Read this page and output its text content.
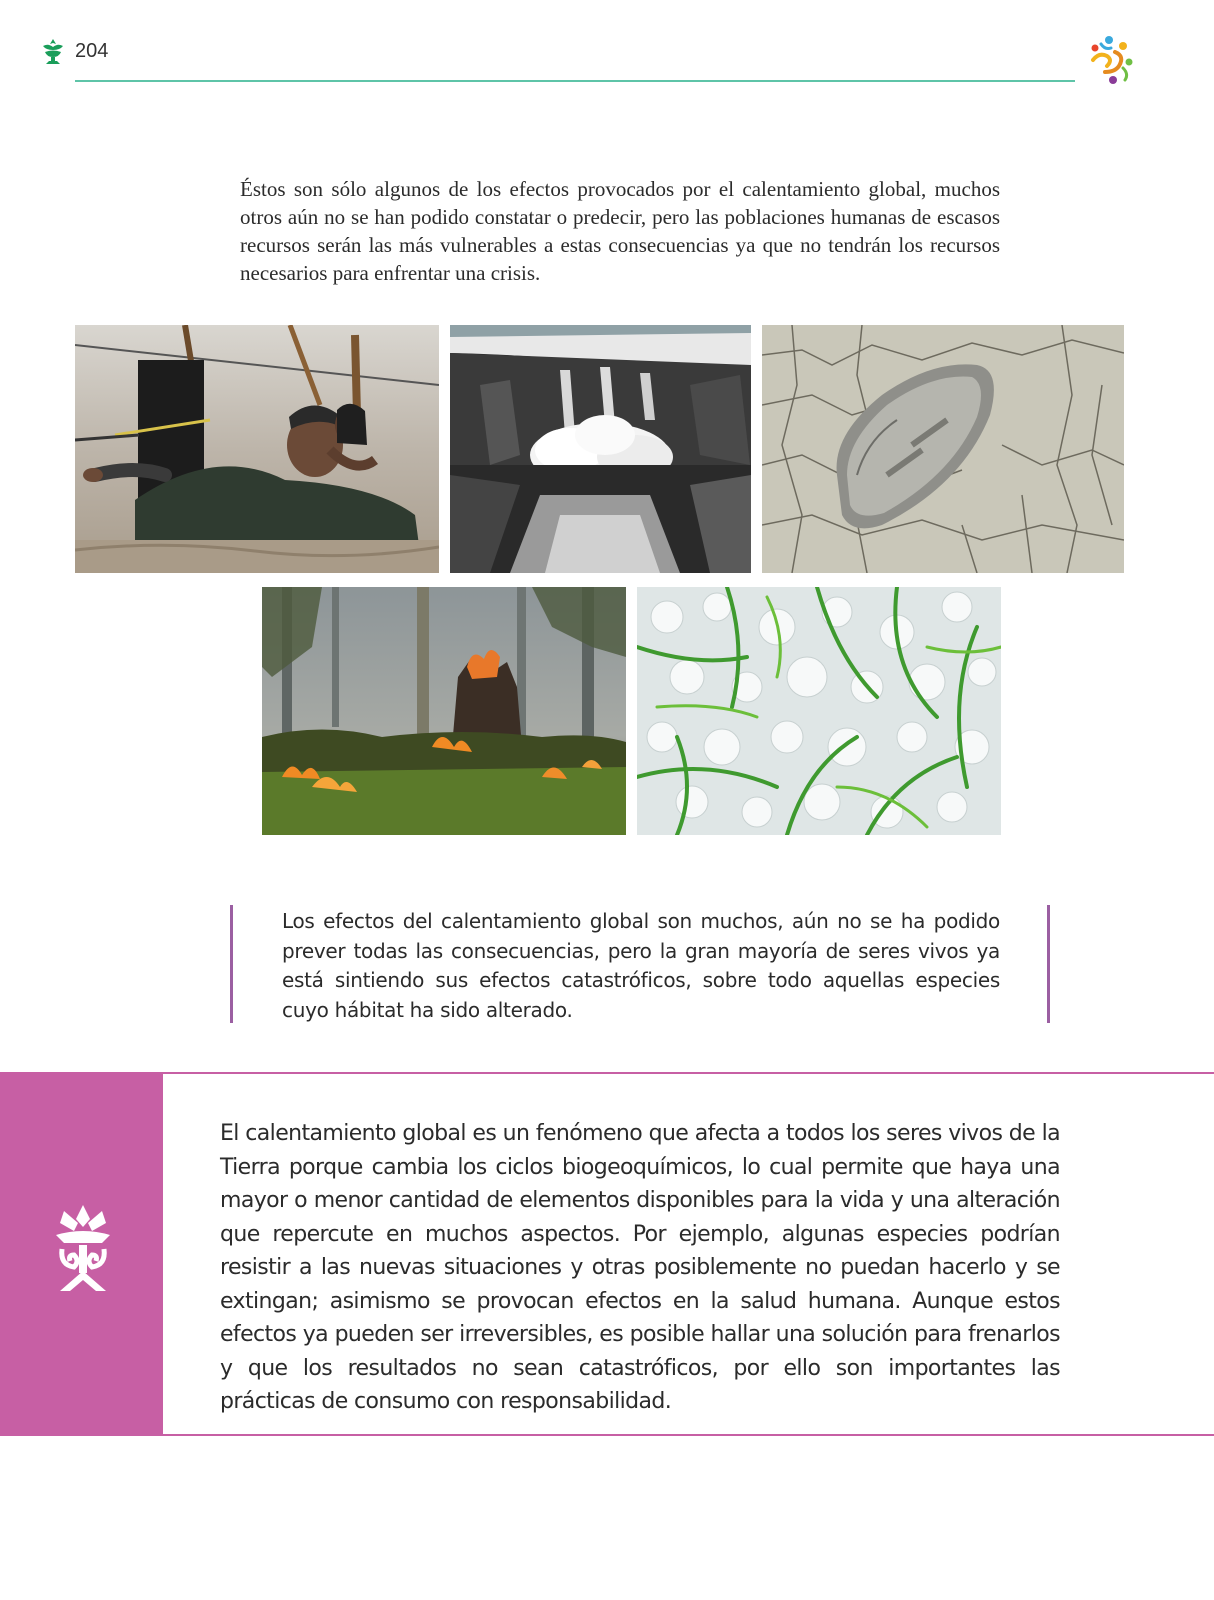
204

Éstos son sólo algunos de los efectos provocados por el calentamiento global, muchos otros aún no se han podido constatar o predecir, pero las poblaciones humanas de escasos recursos serán las más vulnerables a estas consecuencias ya que no tendrán los recursos necesarios para enfrentar una crisis.

Los efectos del calentamiento global son muchos, aún no se ha podido prever todas las consecuencias, pero la gran mayoría de seres vivos ya está sintiendo sus efectos catastróficos, sobre todo aquellas especies cuyo hábitat ha sido alterado.

El calentamiento global es un fenómeno que afecta a todos los seres vivos de la Tierra porque cambia los ciclos biogeoquímicos, lo cual permite que haya una mayor o menor cantidad de elementos disponibles para la vida y una alteración que repercute en muchos aspectos. Por ejemplo, algunas especies podrían resistir a las nuevas situaciones y otras posiblemente no puedan hacerlo y se extingan; asimismo se provocan efectos en la salud humana. Aunque estos efectos ya pueden ser irreversibles, es posible hallar una solución para frenarlos y que los resultados no sean catastróficos, por ello son importantes las prácticas de consumo con responsabilidad.
